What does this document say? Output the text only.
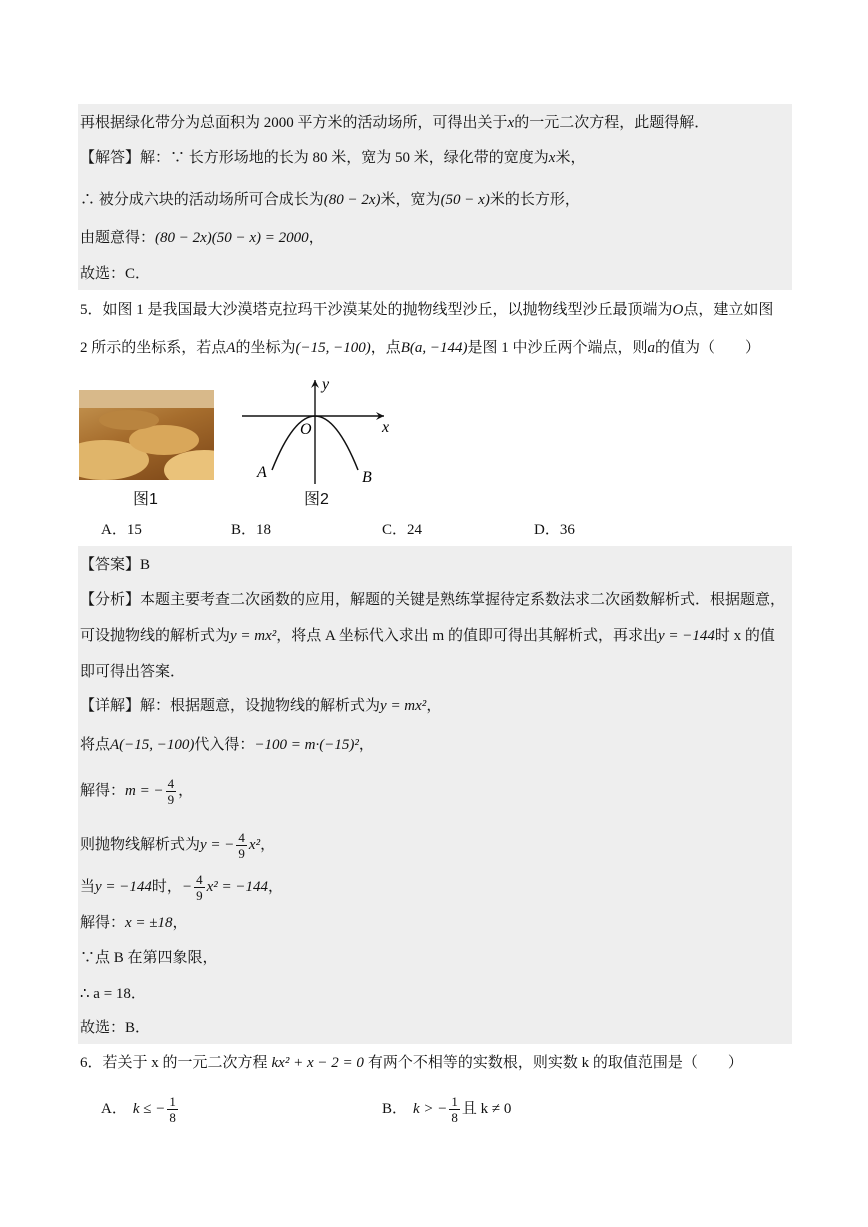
再根据绿化带分为总面积为 2000 平方米的活动场所，可得出关于x的一元二次方程，此题得解．
【解答】解：∵ 长方形场地的长为 80 米，宽为 50 米，绿化带的宽度为x米，
∴ 被分成六块的活动场所可合成长为(80 − 2x)米，宽为(50 − x)米的长方形，
由题意得：(80 − 2x)(50 − x) = 2000，
故选：C．
5．如图 1 是我国最大沙漠塔克拉玛干沙漠某处的抛物线型沙丘，以抛物线型沙丘最顶端为O点，建立如图
2 所示的坐标系，若点A的坐标为(−15, −100)，点B(a, −144)是图 1 中沙丘两个端点，则a的值为（　　）
图1
y
x
O
A	B
图2
A．15	B．18	C．24	D．36
【答案】B
【分析】本题主要考查二次函数的应用，解题的关键是熟练掌握待定系数法求二次函数解析式．根据题意，
可设抛物线的解析式为y = mx²，将点 A 坐标代入求出 m 的值即可得出其解析式，再求出y = −144时 x 的值
即可得出答案．
【详解】解：根据题意，设抛物线的解析式为y = mx²，
将点A(−15, −100)代入得：−100 = m·(−15)²，
解得：m = − $\frac{4}{9}$ ，
则抛物线解析式为y = − $\frac{4}{9} x^2$，
当y = −144时，− $\frac{4}{9} x^2 = -144$，
解得：x = ±18，
∵点 B 在第四象限，
∴ a = 18．
故选：B．
6．若关于 x 的一元二次方程 kx² + x − 2 = 0 有两个不相等的实数根，则实数 k 的取值范围是（　　）
A． k ≤ − $\frac{1}{8}$	B． k > − $\frac{1}{8}$ 且 k ≠ 0
